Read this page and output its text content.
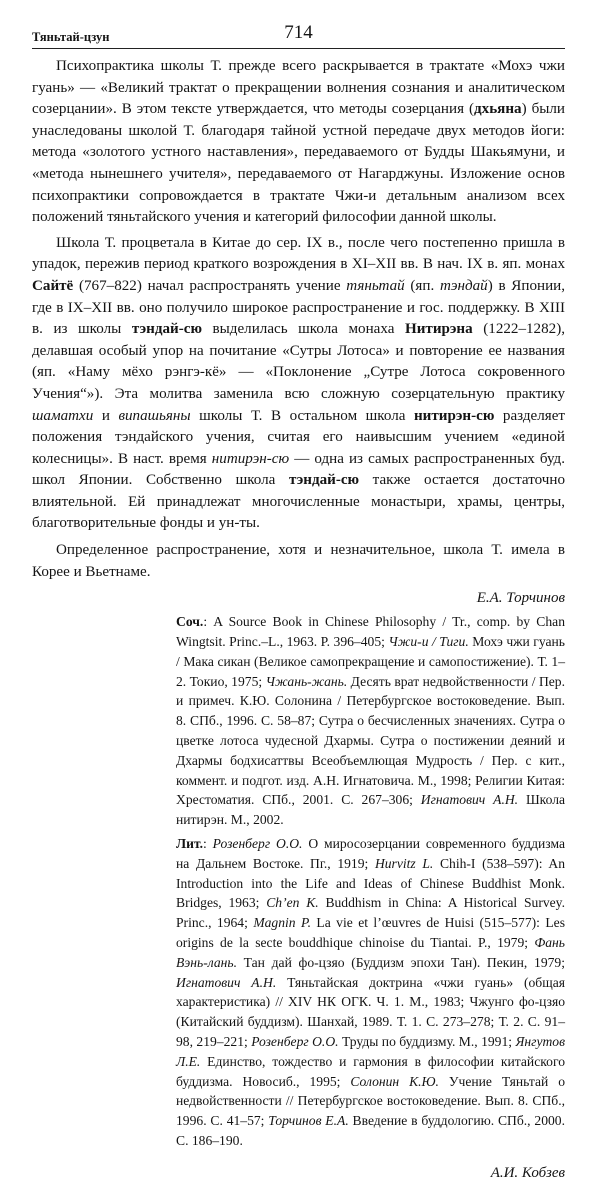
Тяньтай-цзун	714

Психопрактика школы Т. прежде всего раскрывается в трактате «Мохэ чжи гуань» — «Великий трактат о прекращении волнения сознания и аналитическом созерцании». В этом тексте утверждается, что методы созерцания (дхьяна) были унаследованы школой Т. благодаря тайной устной передаче двух методов йоги: метода «золотого устного наставления», передаваемого от Будды Шакьямуни, и «метода нынешнего учителя», передаваемого от Нагарджуны. Изложение основ психопрактики сопровождается в трактате Чжи-и детальным анализом всех положений тяньтайского учения и категорий философии данной школы.

Школа Т. процветала в Китае до сер. IX в., после чего постепенно пришла в упадок, пережив период краткого возрождения в XI–XII вв. В нач. IX в. яп. монах Сайтё (767–822) начал распространять учение тяньтай (яп. тэндай) в Японии, где в IX–XII вв. оно получило широкое распространение и гос. поддержку. В XIII в. из школы тэндай-сю выделилась школа монаха Нитирэна (1222–1282), делавшая особый упор на почитание «Сутры Лотоса» и повторение ее названия (яп. «Наму мёхо рэнгэ-кё» — «Поклонение „Сутре Лотоса сокровенного Учения“»). Эта молитва заменила всю сложную созерцательную практику шаматхи и випашьяны школы Т. В остальном школа нитирэн-сю разделяет положения тэндайского учения, считая его наивысшим учением «единой колесницы». В наст. время нитирэн-сю — одна из самых распространенных буд. школ Японии. Собственно школа тэндай-сю также остается достаточно влиятельной. Ей принадлежат многочисленные монастыри, храмы, центры, благотворительные фонды и ун-ты.

Определенное распространение, хотя и незначительное, школа Т. имела в Корее и Вьетнаме.

Е.А. Торчинов

Соч.: A Source Book in Chinese Philosophy / Tr., comp. by Chan Wingtsit. Princ.–L., 1963. P. 396–405; Чжи-и / Тиги. Мохэ чжи гуань / Мака сикан (Великое самопрекращение и самопостижение). Т. 1–2. Токио, 1975; Чжань-жань. Десять врат недвойственности / Пер. и примеч. К.Ю. Солонина / Петербургское востоковедение. Вып. 8. СПб., 1996. С. 58–87; Сутра о бесчисленных значениях. Сутра о цветке лотоса чудесной Дхармы. Сутра о постижении деяний и Дхармы бодхисаттвы Всеобъемлющая Мудрость / Пер. с кит., коммент. и подгот. изд. А.Н. Игнатовича. М., 1998; Религии Китая: Хрестоматия. СПб., 2001. С. 267–306; Игнатович А.Н. Школа нитирэн. М., 2002.

Лит.: Розенберг О.О. О миросозерцании современного буддизма на Дальнем Востоке. Пг., 1919; Hurvitz L. Chih-I (538–597): An Introduction into the Life and Ideas of Chinese Buddhist Monk. Bridges, 1963; Ch’en K. Buddhism in China: A Historical Survey. Princ., 1964; Magnin P. La vie et l’œuvres de Huisi (515–577): Les origins de la secte bouddhique chinoise du Tiantai. P., 1979; Фань Вэнь-лань. Тан дай фо-цзяо (Буддизм эпохи Тан). Пекин, 1979; Игнатович А.Н. Тяньтайская доктрина «чжи гуань» (общая характеристика) // XIV НК ОГК. Ч. 1. М., 1983; Чжунго фо-цзяо (Китайский буддизм). Шанхай, 1989. Т. 1. С. 273–278; Т. 2. С. 91–98, 219–221; Розенберг О.О. Труды по буддизму. М., 1991; Янгутов Л.Е. Единство, тождество и гармония в философии китайского буддизма. Новосиб., 1995; Солонин К.Ю. Учение Тяньтай о недвойственности // Петербургское востоковедение. Вып. 8. СПб., 1996. С. 41–57; Торчинов Е.А. Введение в буддологию. СПб., 2000. С. 186–190.

А.И. Кобзев
